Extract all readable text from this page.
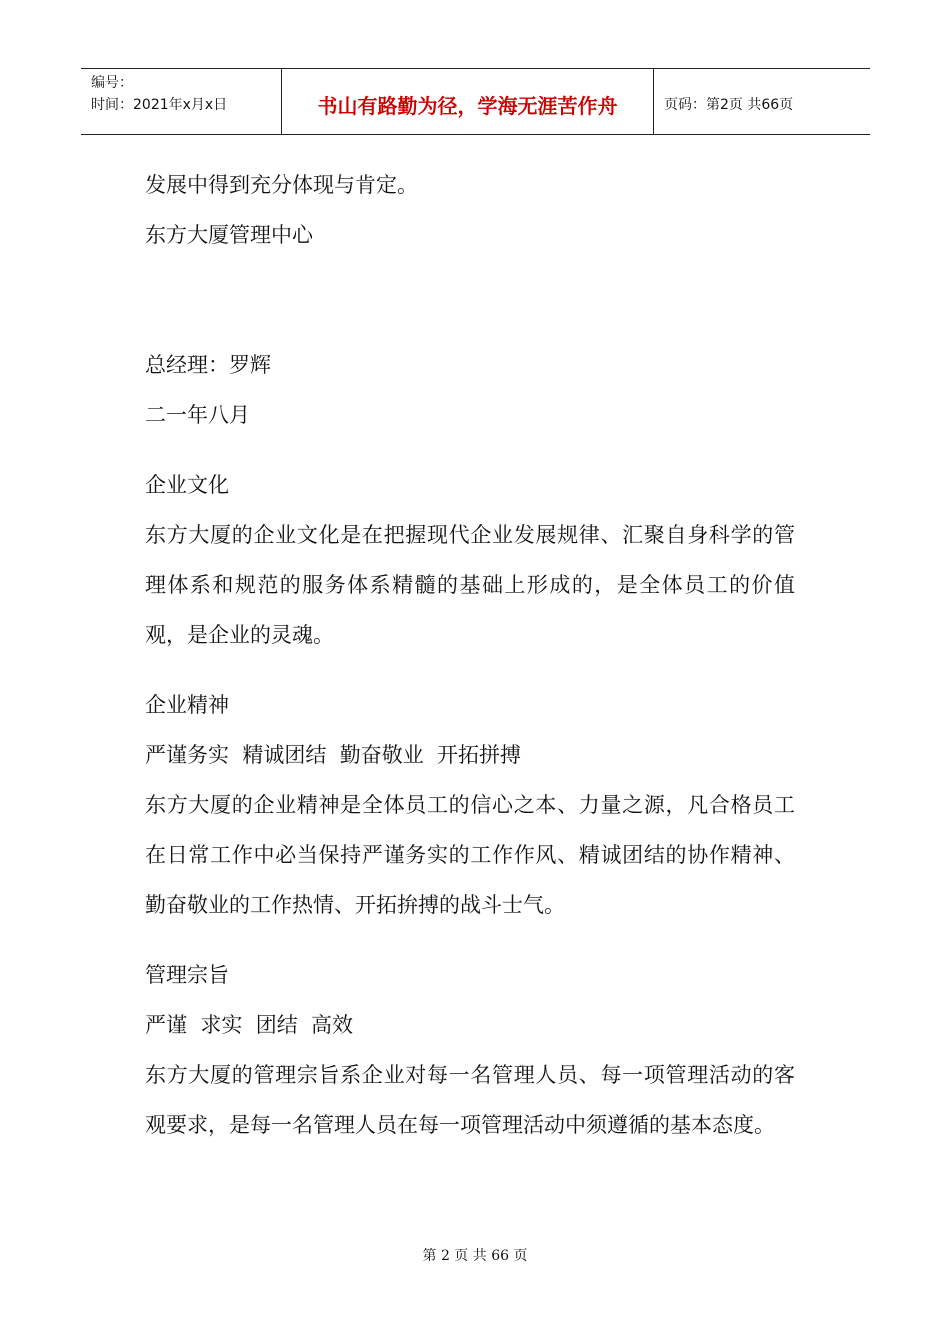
编号：
时间：2021年x月x日	书山有路勤为径，学海无涯苦作舟	页码：第2页 共66页

发展中得到充分体现与肯定。

东方大厦管理中心

总经理：罗辉

二一年八月

企业文化

东方大厦的企业文化是在把握现代企业发展规律、汇聚自身科学的管理体系和规范的服务体系精髓的基础上形成的，是全体员工的价值观，是企业的灵魂。

企业精神

严谨务实  精诚团结  勤奋敬业  开拓拼搏

东方大厦的企业精神是全体员工的信心之本、力量之源，凡合格员工在日常工作中必当保持严谨务实的工作作风、精诚团结的协作精神、勤奋敬业的工作热情、开拓拚搏的战斗士气。

管理宗旨

严谨  求实  团结  高效

东方大厦的管理宗旨系企业对每一名管理人员、每一项管理活动的客观要求，是每一名管理人员在每一项管理活动中须遵循的基本态度。

第 2 页 共 66 页
